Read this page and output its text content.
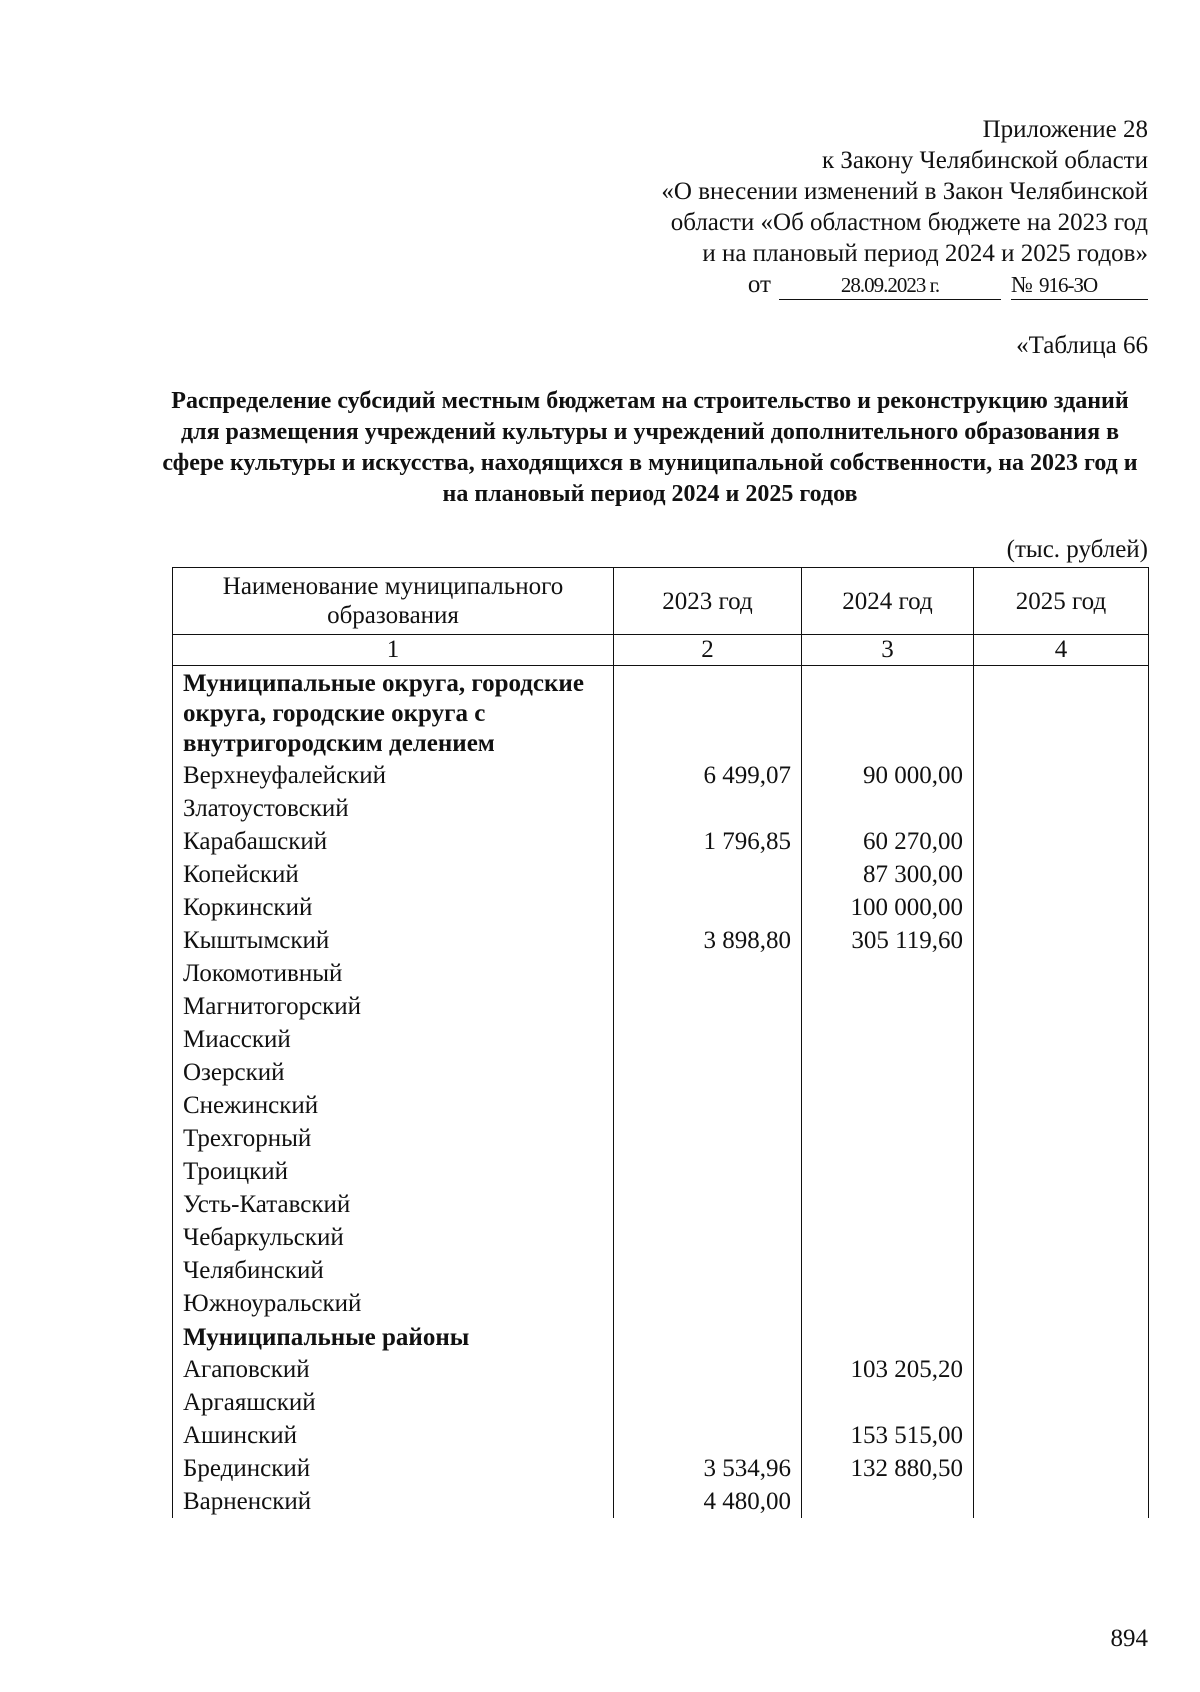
Приложение 28
к Закону Челябинской области
«О внесении изменений в Закон Челябинской
области «Об областном бюджете на 2023 год
и на плановый период 2024 и 2025 годов»
от	28.09.2023 г.	№ 916-ЗО
«Таблица 66
Распределение субсидий местным бюджетам на строительство и реконструкцию зданий для размещения учреждений культуры и учреждений дополнительного образования в сфере культуры и искусства, находящихся в муниципальной собственности, на 2023 год и на плановый период 2024 и 2025 годов
(тыс. рублей)
Наименование муниципального образования	2023 год	2024 год	2025 год
1	2	3	4
Муниципальные округа, городские округа, городские округа с внутригородским делением			
Верхнеуфалейский	6 499,07	90 000,00	
Златоустовский			
Карабашский	1 796,85	60 270,00	
Копейский		87 300,00	
Коркинский		100 000,00	
Кыштымский	3 898,80	305 119,60	
Локомотивный			
Магнитогорский			
Миасский			
Озерский			
Снежинский			
Трехгорный			
Троицкий			
Усть-Катавский			
Чебаркульский			
Челябинский			
Южноуральский			
Муниципальные районы			
Агаповский		103 205,20	
Аргаяшский			
Ашинский		153 515,00	
Брединский	3 534,96	132 880,50	
Варненский	4 480,00		
894
